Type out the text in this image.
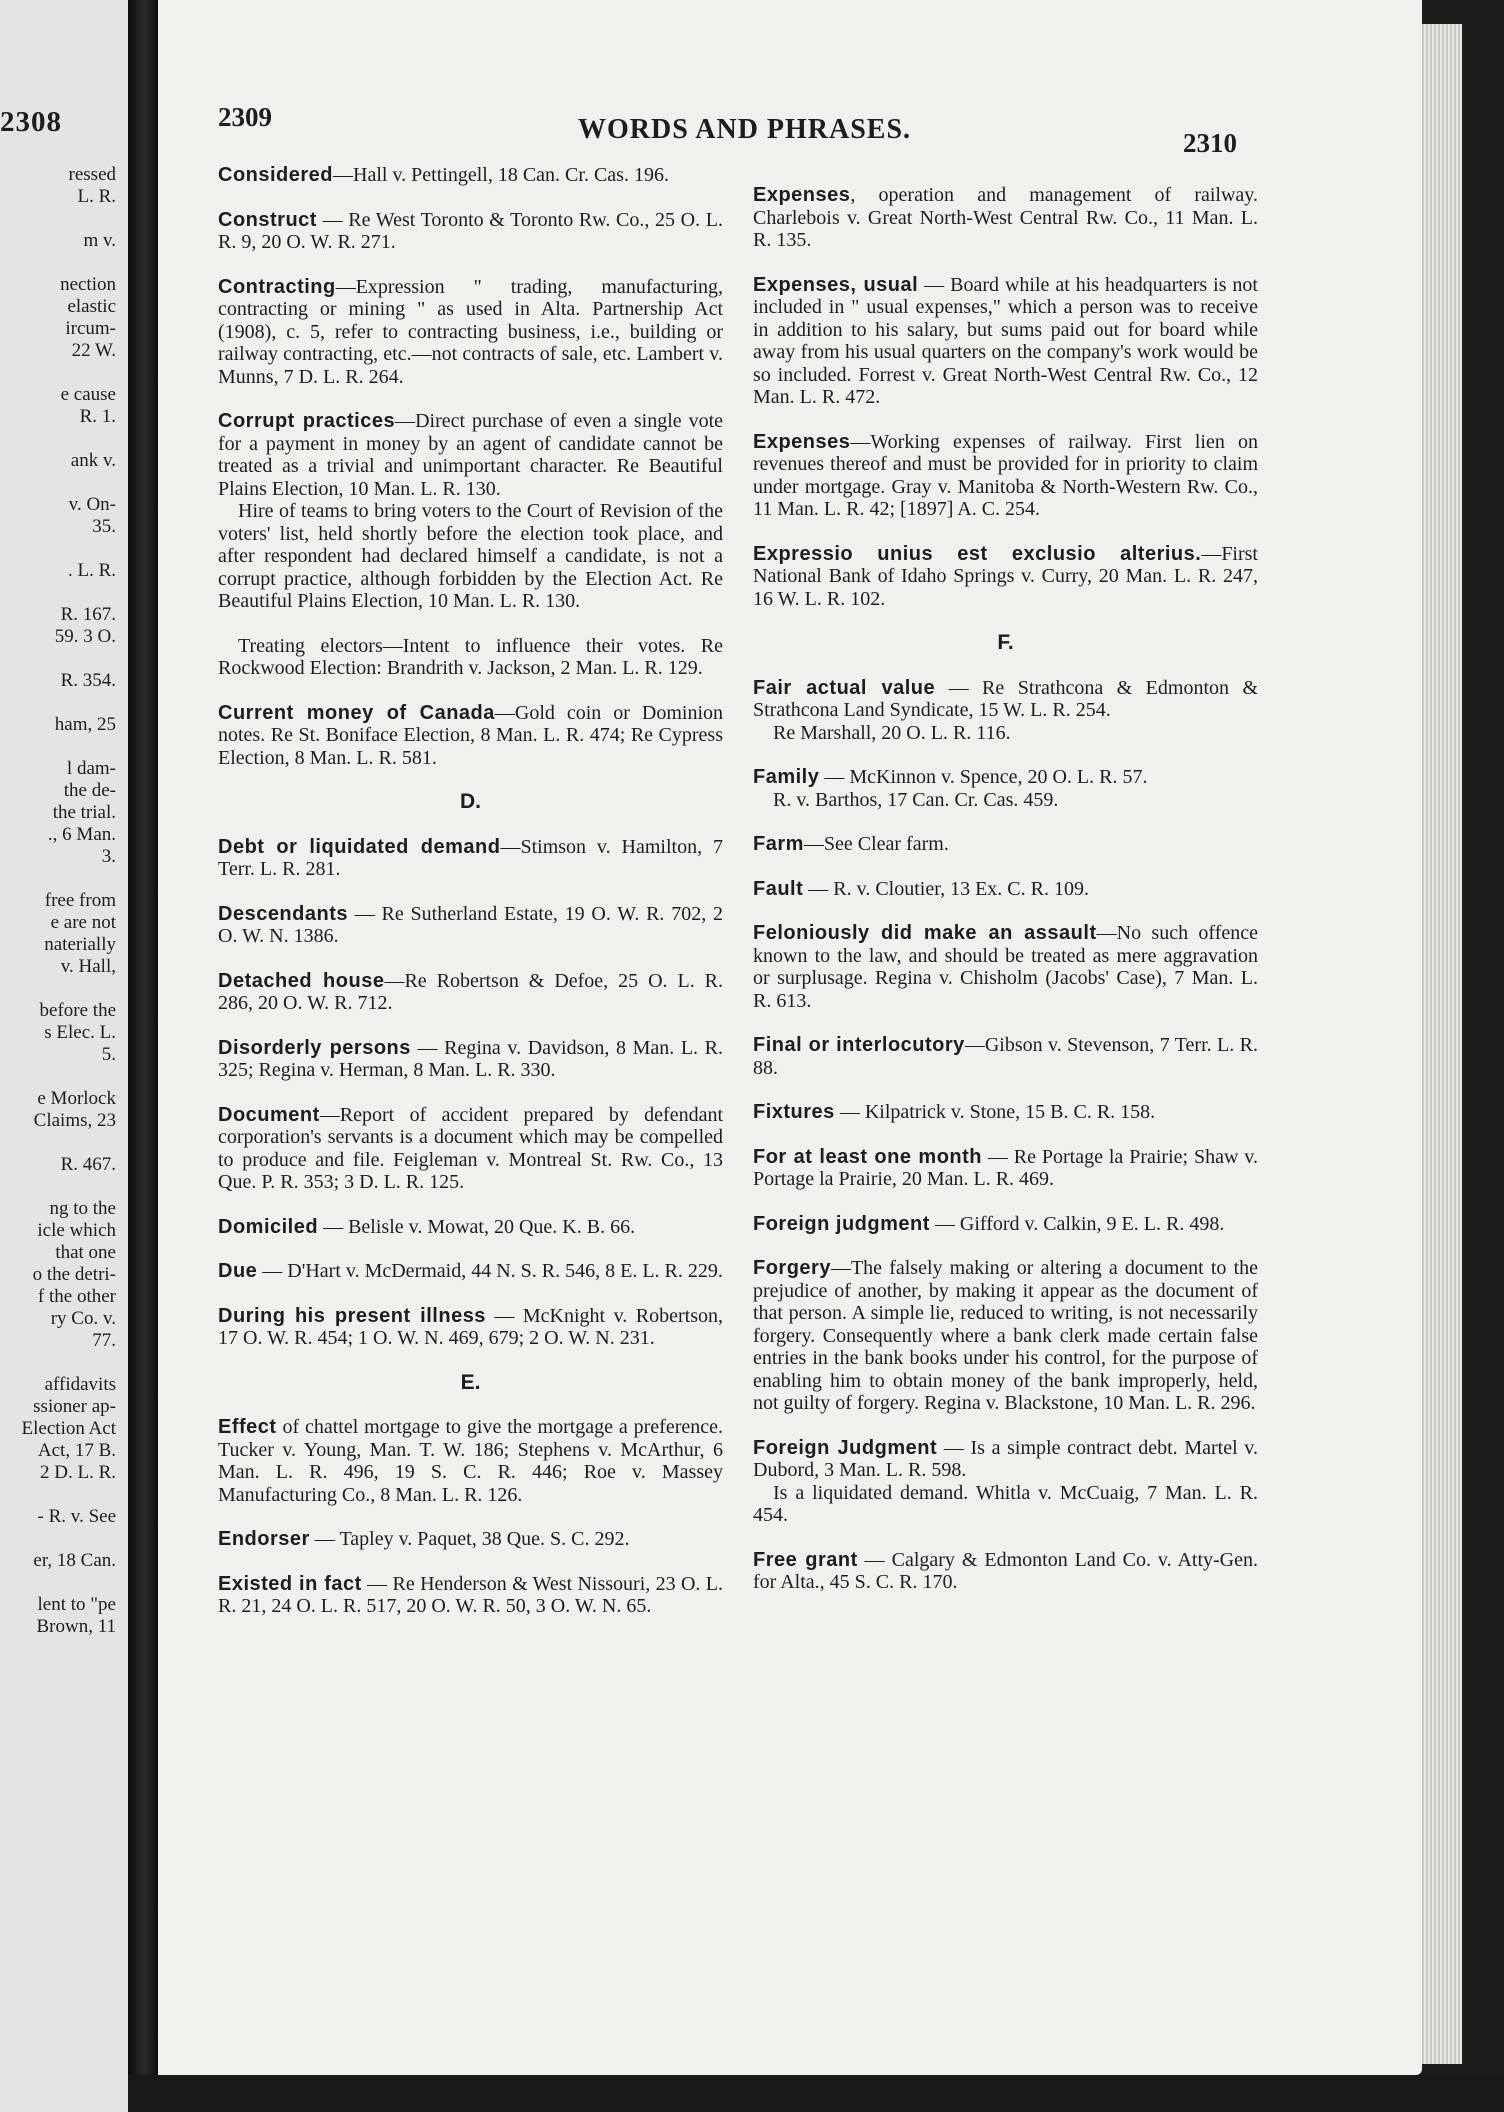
2308
ressed
L. R.
m v.
nection
elastic
ircum-
22 W.
e cause
R. 1.
ank v.
v. On-
35.
. L. R.
R. 167.
59. 3 O.
R. 354.
ham, 25
l dam-
the de-
the trial.
., 6 Man.
3.
free from
e are not
naterially
v. Hall,
before the
s Elec. L.
5.
e Morlock
Claims, 23
R. 467.
ng to the
icle which
that one
o the detri-
f the other
ry Co. v.
77.
affidavits
ssioner ap-
Election Act
Act, 17 B.
2 D. L. R.
- R. v. See
er, 18 Can.
lent to "pe
Brown, 11
2309	WORDS AND PHRASES.	2310
Considered—Hall v. Pettingell, 18 Can. Cr. Cas. 196.
Construct — Re West Toronto & Toronto Rw. Co., 25 O. L. R. 9, 20 O. W. R. 271.
Contracting—Expression " trading, manufacturing, contracting or mining " as used in Alta. Partnership Act (1908), c. 5, refer to contracting business, i.e., building or railway contracting, etc.—not contracts of sale, etc. Lambert v. Munns, 7 D. L. R. 264.
Corrupt practices—Direct purchase of even a single vote for a payment in money by an agent of candidate cannot be treated as a trivial and unimportant character. Re Beautiful Plains Election, 10 Man. L. R. 130.
Hire of teams to bring voters to the Court of Revision of the voters' list, held shortly before the election took place, and after respondent had declared himself a candidate, is not a corrupt practice, although forbidden by the Election Act. Re Beautiful Plains Election, 10 Man. L. R. 130.
Treating electors—Intent to influence their votes. Re Rockwood Election: Brandrith v. Jackson, 2 Man. L. R. 129.
Current money of Canada—Gold coin or Dominion notes. Re St. Boniface Election, 8 Man. L. R. 474; Re Cypress Election, 8 Man. L. R. 581.
D.
Debt or liquidated demand—Stimson v. Hamilton, 7 Terr. L. R. 281.
Descendants — Re Sutherland Estate, 19 O. W. R. 702, 2 O. W. N. 1386.
Detached house—Re Robertson & Defoe, 25 O. L. R. 286, 20 O. W. R. 712.
Disorderly persons — Regina v. Davidson, 8 Man. L. R. 325; Regina v. Herman, 8 Man. L. R. 330.
Document—Report of accident prepared by defendant corporation's servants is a document which may be compelled to produce and file. Feigleman v. Montreal St. Rw. Co., 13 Que. P. R. 353; 3 D. L. R. 125.
Domiciled — Belisle v. Mowat, 20 Que. K. B. 66.
Due — D'Hart v. McDermaid, 44 N. S. R. 546, 8 E. L. R. 229.
During his present illness — McKnight v. Robertson, 17 O. W. R. 454; 1 O. W. N. 469, 679; 2 O. W. N. 231.
E.
Effect of chattel mortgage to give the mortgage a preference. Tucker v. Young, Man. T. W. 186; Stephens v. McArthur, 6 Man. L. R. 496, 19 S. C. R. 446; Roe v. Massey Manufacturing Co., 8 Man. L. R. 126.
Endorser — Tapley v. Paquet, 38 Que. S. C. 292.
Existed in fact — Re Henderson & West Nissouri, 23 O. L. R. 21, 24 O. L. R. 517, 20 O. W. R. 50, 3 O. W. N. 65.
Expenses, operation and management of railway. Charlebois v. Great North-West Central Rw. Co., 11 Man. L. R. 135.
Expenses, usual — Board while at his headquarters is not included in " usual expenses," which a person was to receive in addition to his salary, but sums paid out for board while away from his usual quarters on the company's work would be so included. Forrest v. Great North-West Central Rw. Co., 12 Man. L. R. 472.
Expenses—Working expenses of railway. First lien on revenues thereof and must be provided for in priority to claim under mortgage. Gray v. Manitoba & North-Western Rw. Co., 11 Man. L. R. 42; [1897] A. C. 254.
Expressio unius est exclusio alterius.—First National Bank of Idaho Springs v. Curry, 20 Man. L. R. 247, 16 W. L. R. 102.
F.
Fair actual value — Re Strathcona & Edmonton & Strathcona Land Syndicate, 15 W. L. R. 254.
Re Marshall, 20 O. L. R. 116.
Family — McKinnon v. Spence, 20 O. L. R. 57.
R. v. Barthos, 17 Can. Cr. Cas. 459.
Farm—See Clear farm.
Fault — R. v. Cloutier, 13 Ex. C. R. 109.
Feloniously did make an assault—No such offence known to the law, and should be treated as mere aggravation or surplusage. Regina v. Chisholm (Jacobs' Case), 7 Man. L. R. 613.
Final or interlocutory—Gibson v. Stevenson, 7 Terr. L. R. 88.
Fixtures — Kilpatrick v. Stone, 15 B. C. R. 158.
For at least one month — Re Portage la Prairie; Shaw v. Portage la Prairie, 20 Man. L. R. 469.
Foreign judgment — Gifford v. Calkin, 9 E. L. R. 498.
Forgery—The falsely making or altering a document to the prejudice of another, by making it appear as the document of that person. A simple lie, reduced to writing, is not necessarily forgery. Consequently where a bank clerk made certain false entries in the bank books under his control, for the purpose of enabling him to obtain money of the bank improperly, held, not guilty of forgery. Regina v. Blackstone, 10 Man. L. R. 296.
Foreign Judgment — Is a simple contract debt. Martel v. Dubord, 3 Man. L. R. 598.
Is a liquidated demand. Whitla v. McCuaig, 7 Man. L. R. 454.
Free grant — Calgary & Edmonton Land Co. v. Atty-Gen. for Alta., 45 S. C. R. 170.
